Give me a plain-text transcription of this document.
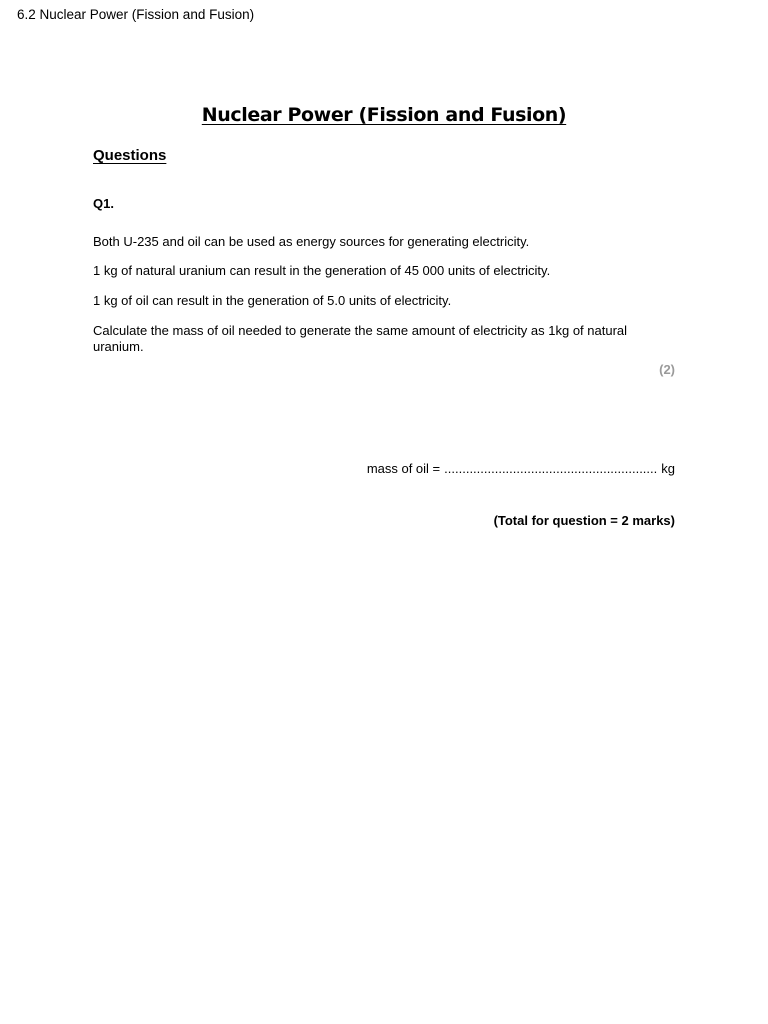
6.2 Nuclear Power (Fission and Fusion)
Nuclear Power (Fission and Fusion)
Questions
Q1.

Both U-235 and oil can be used as energy sources for generating electricity.

1 kg of natural uranium can result in the generation of 45 000 units of electricity.

1 kg of oil can result in the generation of 5.0 units of electricity.

Calculate the mass of oil needed to generate the same amount of electricity as 1kg of natural uranium.

(2)
mass of oil = ........................................................... kg
(Total for question = 2 marks)
